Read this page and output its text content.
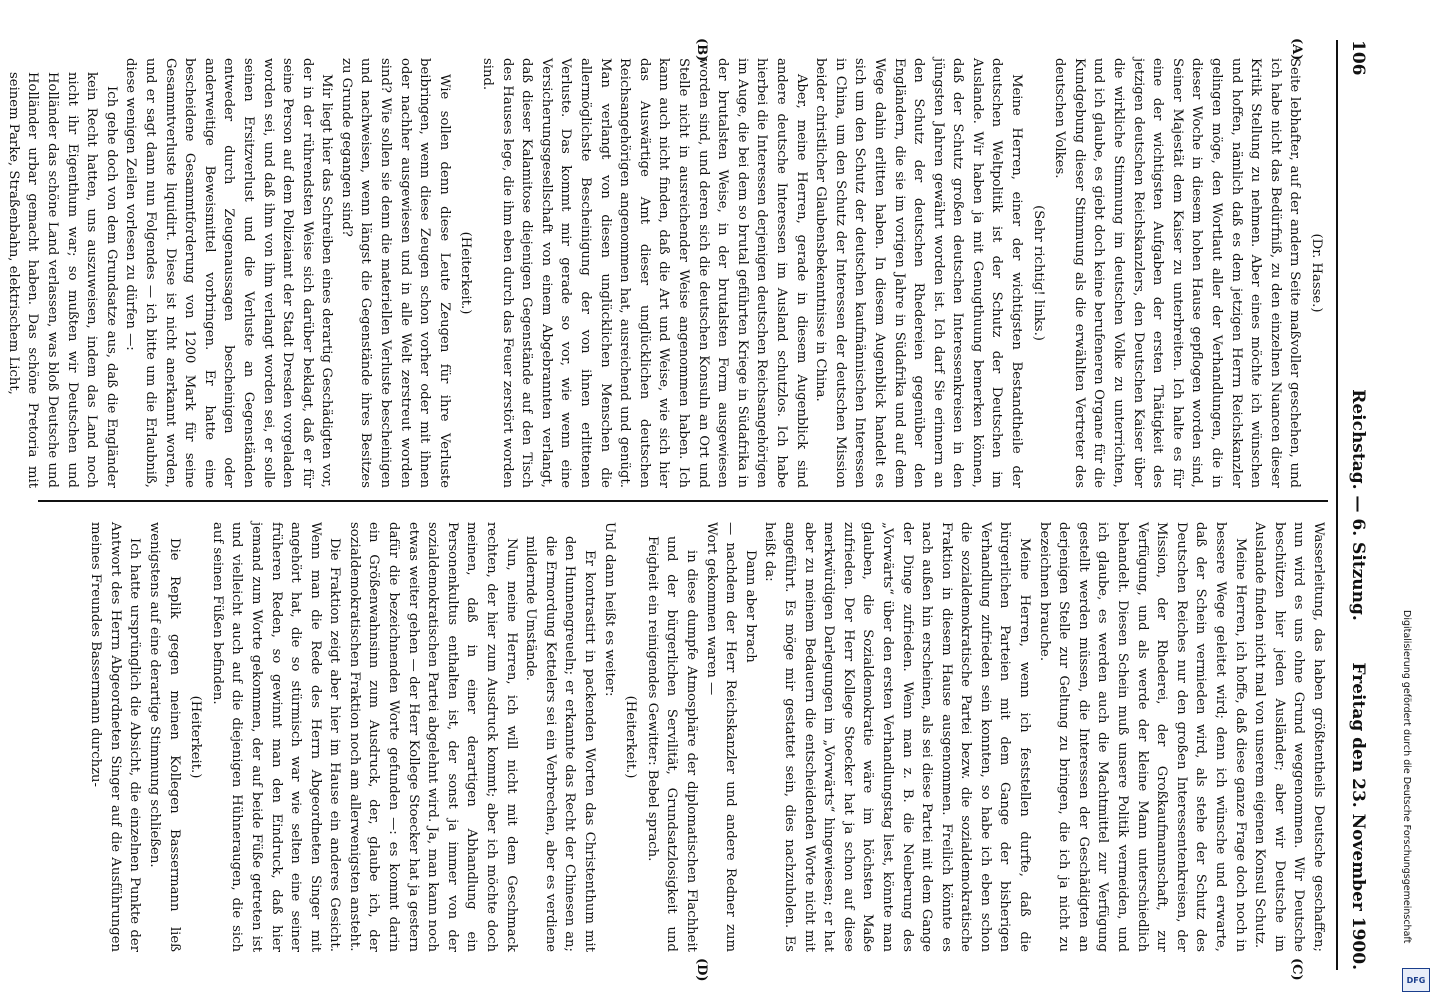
106
Reichstag. — 6. Sitzung.
Freitag den 23. November 1900.
(A)
(B)
(C)
(D)

(Dr. Hasse.)

Seite lebhafter, auf der andern Seite maßvoller geschehen, und ich habe nicht das Bedürfniß, zu den einzelnen Nuancen dieser Kritik Stellung zu nehmen. Aber eines möchte ich wünschen und hoffen, nämlich daß es dem jetzigen Herrn Reichskanzler gelingen möge, den Wortlaut aller der Verhandlungen, die in dieser Woche in diesem hohen Hause gepflogen worden sind, Seiner Majestät dem Kaiser zu unterbreiten. Ich halte es für eine der wichtigsten Aufgaben der ersten Thätigkeit des jetzigen deutschen Reichskanzlers, den Deutschen Kaiser über die wirkliche Stimmung im deutschen Volke zu unterrichten, und ich glaube, es giebt doch keine berufeneren Organe für die Kundgebung dieser Stimmung als die erwählten Vertreter des deutschen Volkes.

(Sehr richtig! links.)

Meine Herren, einer der wichtigsten Bestandtheile der deutschen Weltpolitik ist der Schutz der Deutschen im Auslande. Wir haben ja mit Genugthuung bemerken können, daß der Schutz großen deutschen Interessenkreisen in den jüngsten Jahren gewährt worden ist. Ich darf Sie erinnern an den Schutz der deutschen Rhedereien gegenüber den Engländern, die sie im vorigen Jahre in Südafrika und auf dem Wege dahin erlitten haben. In diesem Augenblick handelt es sich um den Schutz der deutschen kaufmännischen Interessen in China, um den Schutz der Interessen der deutschen Mission beider christlicher Glaubensbekenntnisse in China.

Aber, meine Herren, gerade in diesem Augenblick sind andere deutsche Interessen im Ausland schutzlos. Ich habe hierbei die Interessen derjenigen deutschen Reichsangehörigen im Auge, die bei dem so brutal geführten Kriege in Südafrika in der brutalsten Weise, in der brutalsten Form ausgewiesen worden sind, und deren sich die deutschen Konsuln an Ort und Stelle nicht in ausreichender Weise angenommen haben. Ich kann auch nicht finden, daß die Art und Weise, wie sich hier das Auswärtige Amt dieser unglücklichen deutschen Reichsangehörigen angenommen hat, ausreichend und genügt. Man verlangt von diesen unglücklichen Menschen die allermöglichste Bescheinigung der von ihnen erlittenen Verluste. Das kommt mir gerade so vor, wie wenn eine Versicherungsgesellschaft von einem Abgebrannten verlangt, daß dieser Kalamitose diejenigen Gegenstände auf den Tisch des Hauses lege, die ihm eben durch das Feuer zerstört worden sind.

(Heiterkeit.)

Wie sollen denn diese Leute Zeugen für ihre Verluste beibringen, wenn diese Zeugen schon vorher oder mit ihnen oder nachher ausgewiesen und in alle Welt zerstreut worden sind? Wie sollen sie denn die materiellen Verluste bescheinigen und nachweisen, wenn längst die Gegenstände ihres Besitzes zu Grunde gegangen sind?

Mir liegt hier das Schreiben eines derartig Geschädigten vor, der in der rührendsten Weise sich darüber beklagt, daß er für seine Person auf dem Polizeiamt der Stadt Dresden vorgeladen worden sei, und daß ihm von ihm verlangt worden sei, er solle seinen Ersitzverlust und die Verluste an Gegenständen entweder durch Zeugenaussagen bescheinigen oder anderweitige Beweismittel vorbringen. Er hatte eine bescheidene Gesammtforderung von 1200 Mark für seine Gesammtverluste liquidirt. Diese ist nicht anerkannt worden, und er sagt dann nun Folgendes — ich bitte um die Erlaubniß, diese wenigen Zeilen vorlesen zu dürfen —:

Ich gehe doch von dem Grundsatze aus, daß die Engländer kein Recht hatten, uns auszuweisen, indem das Land noch nicht ihr Eigenthum war; so mußten wir Deutschen und Holländer das schöne Land verlassen, was bloß Deutsche und Holländer urbar gemacht haben. Das schöne Pretoria mit seinem Parke, Straßenbahn, elektrischem Licht,

Wasserleitung, das haben größtentheils Deutsche geschaffen; nun wird es uns ohne Grund weggenommen. Wir Deutsche beschützen hier jeden Ausländer; aber wir Deutsche im Auslande finden nicht mal von unserem eigenen Konsul Schutz.

Meine Herren, ich hoffe, daß diese ganze Frage doch noch in bessere Wege geleitet wird; denn ich wünsche und erwarte, daß der Schein vermieden wird, als stehe der Schutz des Deutschen Reiches nur den großen Interessentenkreisen, der Mission, der Rhederei, der Großkaufmannschaft, zur Verfügung, und als werde der kleine Mann unterschiedlich behandelt. Diesen Schein muß unsere Politik vermeiden, und ich glaube, es werden auch die Machtmittel zur Verfügung gestellt werden müssen, die Interessen der Geschädigten an derjenigen Stelle zur Geltung zu bringen, die ich ja nicht zu bezeichnen brauche.

Meine Herren, wenn ich feststellen durfte, daß die bürgerlichen Parteien mit dem Gange der bisherigen Verhandlung zufrieden sein konnten, so habe ich eben schon die sozialdemokratische Partei bezw. die sozialdemokratische Fraktion in diesem Hause ausgenommen. Freilich könnte es nach außen hin erscheinen, als sei diese Partei mit dem Gange der Dinge zufrieden. Wenn man z. B. die Neuberung des „Vorwärts“ über den ersten Verhandlungstag liest, könnte man glauben, die Sozialdemokratie wäre im höchsten Maße zufrieden. Der Herr Kollege Stoecker hat ja schon auf diese merkwürdigen Darlegungen im „Vorwärts“ hingewiesen; er hat aber zu meinem Bedauern die entscheidenden Worte nicht mit angeführt. Es möge mir gestattet sein, dies nachzuholen. Es heißt da:

Dann aber brach

— nachdem der Herr Reichskanzler und andere Redner zum Wort gekommen waren —

in diese dumpfe Atmosphäre der diplomatischen Flachheit und der bürgerlichen Servilität, Grundsatzlosigkeit und Feigheit ein reinigendes Gewitter: Bebel sprach.

(Heiterkeit.)

Und dann heißt es weiter:

Er kontrastirt in packenden Worten das Christenthum mit den Hunnengreueln; er erkannte das Recht der Chinesen an; die Ermordung Kettelers sei ein Verbrechen, aber es verdiene mildernde Umstände.

Nun, meine Herren, ich will nicht mit dem Geschmack rechten, der hier zum Ausdruck kommt; aber ich möchte doch meinen, daß in einer derartigen Abhandlung ein Personenkultus enthalten ist, der sonst ja immer von der sozialdemokratischen Partei abgelehnt wird. Ja, man kann noch etwas weiter gehen — der Herr Kollege Stoecker hat ja gestern dafür die bezeichnenden Worte gefunden —: es kommt darin ein Größenwahnsinn zum Ausdruck, der, glaube ich, der sozialdemokratischen Fraktion noch am allerwenigsten ansteht.

Die Fraktion zeigt aber hier im Hause ein anderes Gesicht. Wenn man die Rede des Herrn Abgeordneten Singer mit angehört hat, die so stürmisch war wie selten eine seiner früheren Reden, so gewinnt man den Eindruck, daß hier jemand zum Worte gekommen, der auf beide Füße getreten ist und vielleicht auch auf die diejenigen Hühneraugen, die sich auf seinen Füßen befinden.

(Heiterkeit.)

Die Replik gegen meinen Kollegen Bassermann ließ wenigstens auf eine derartige Stimmung schließen.

Ich hatte ursprünglich die Absicht, die einzelnen Punkte der Antwort des Herrn Abgeordneten Singer auf die Ausführungen meines Freundes Bassermann durchzu-	Digitalisierung gefördert durch die Deutsche Forschungsgemeinschaft
DFG
